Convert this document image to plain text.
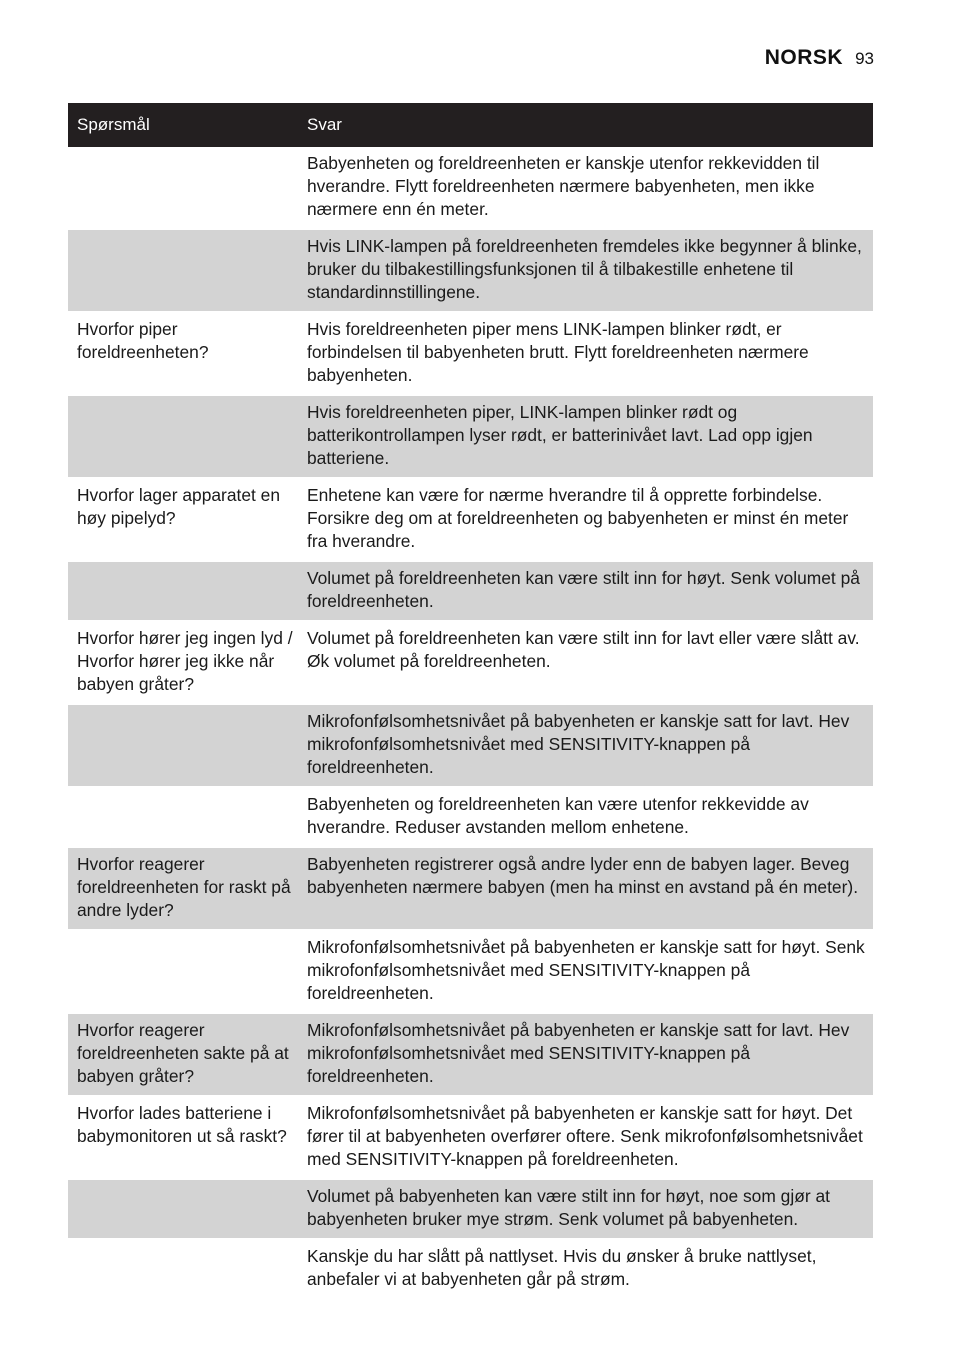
NORSK 93
Spørsmål	Svar
Babyenheten og foreldreenheten er kanskje utenfor rekkevidden til hverandre. Flytt foreldreenheten nærmere babyenheten, men ikke nærmere enn én meter.
Hvis LINK-lampen på foreldreenheten fremdeles ikke begynner å blinke, bruker du tilbakestillingsfunksjonen til å tilbakestille enhetene til standardinnstillingene.
Hvorfor piper foreldreenheten?
Hvis foreldreenheten piper mens LINK-lampen blinker rødt, er forbindelsen til babyenheten brutt. Flytt foreldreenheten nærmere babyenheten.
Hvis foreldreenheten piper, LINK-lampen blinker rødt og batterikontrollampen lyser rødt, er batterinivået lavt. Lad opp igjen batteriene.
Hvorfor lager apparatet en høy pipelyd?
Enhetene kan være for nærme hverandre til å opprette forbindelse. Forsikre deg om at foreldreenheten og babyenheten er minst én meter fra hverandre.
Volumet på foreldreenheten kan være stilt inn for høyt. Senk volumet på foreldreenheten.
Hvorfor hører jeg ingen lyd / Hvorfor hører jeg ikke når babyen gråter?
Volumet på foreldreenheten kan være stilt inn for lavt eller være slått av. Øk volumet på foreldreenheten.
Mikrofonfølsomhetsnivået på babyenheten er kanskje satt for lavt. Hev mikrofonfølsomhetsnivået med SENSITIVITY-knappen på foreldreenheten.
Babyenheten og foreldreenheten kan være utenfor rekkevidde av hverandre. Reduser avstanden mellom enhetene.
Hvorfor reagerer foreldreenheten for raskt på andre lyder?
Babyenheten registrerer også andre lyder enn de babyen lager. Beveg babyenheten nærmere babyen (men ha minst en avstand på én meter).
Mikrofonfølsomhetsnivået på babyenheten er kanskje satt for høyt. Senk mikrofonfølsomhetsnivået med SENSITIVITY-knappen på foreldreenheten.
Hvorfor reagerer foreldreenheten sakte på at babyen gråter?
Mikrofonfølsomhetsnivået på babyenheten er kanskje satt for lavt. Hev mikrofonfølsomhetsnivået med SENSITIVITY-knappen på foreldreenheten.
Hvorfor lades batteriene i babymonitoren ut så raskt?
Mikrofonfølsomhetsnivået på babyenheten er kanskje satt for høyt. Det fører til at babyenheten overfører oftere. Senk mikrofonfølsomhetsnivået med SENSITIVITY-knappen på foreldreenheten.
Volumet på babyenheten kan være stilt inn for høyt, noe som gjør at babyenheten bruker mye strøm. Senk volumet på babyenheten.
Kanskje du har slått på nattlyset. Hvis du ønsker å bruke nattlyset, anbefaler vi at babyenheten går på strøm.
